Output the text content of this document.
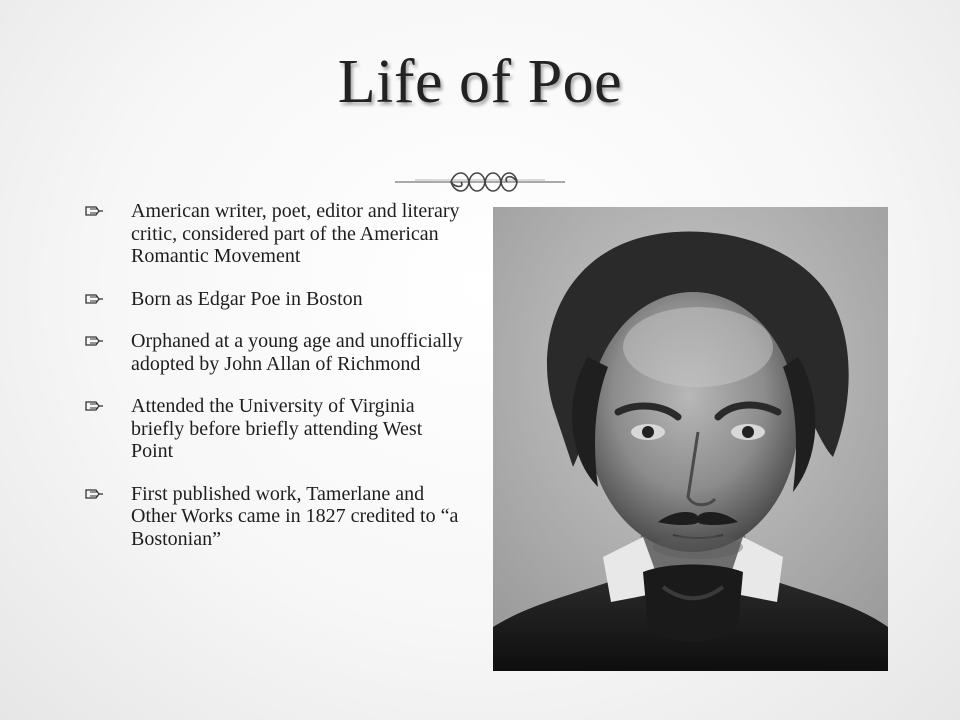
Life of Poe
American writer, poet, editor and literary critic, considered part of the American Romantic Movement
Born as Edgar Poe in Boston
Orphaned at a young age and unofficially adopted by John Allan of Richmond
Attended the University of Virginia briefly before briefly attending West Point
First published work, Tamerlane and Other Works came in 1827 credited to “a Bostonian”
